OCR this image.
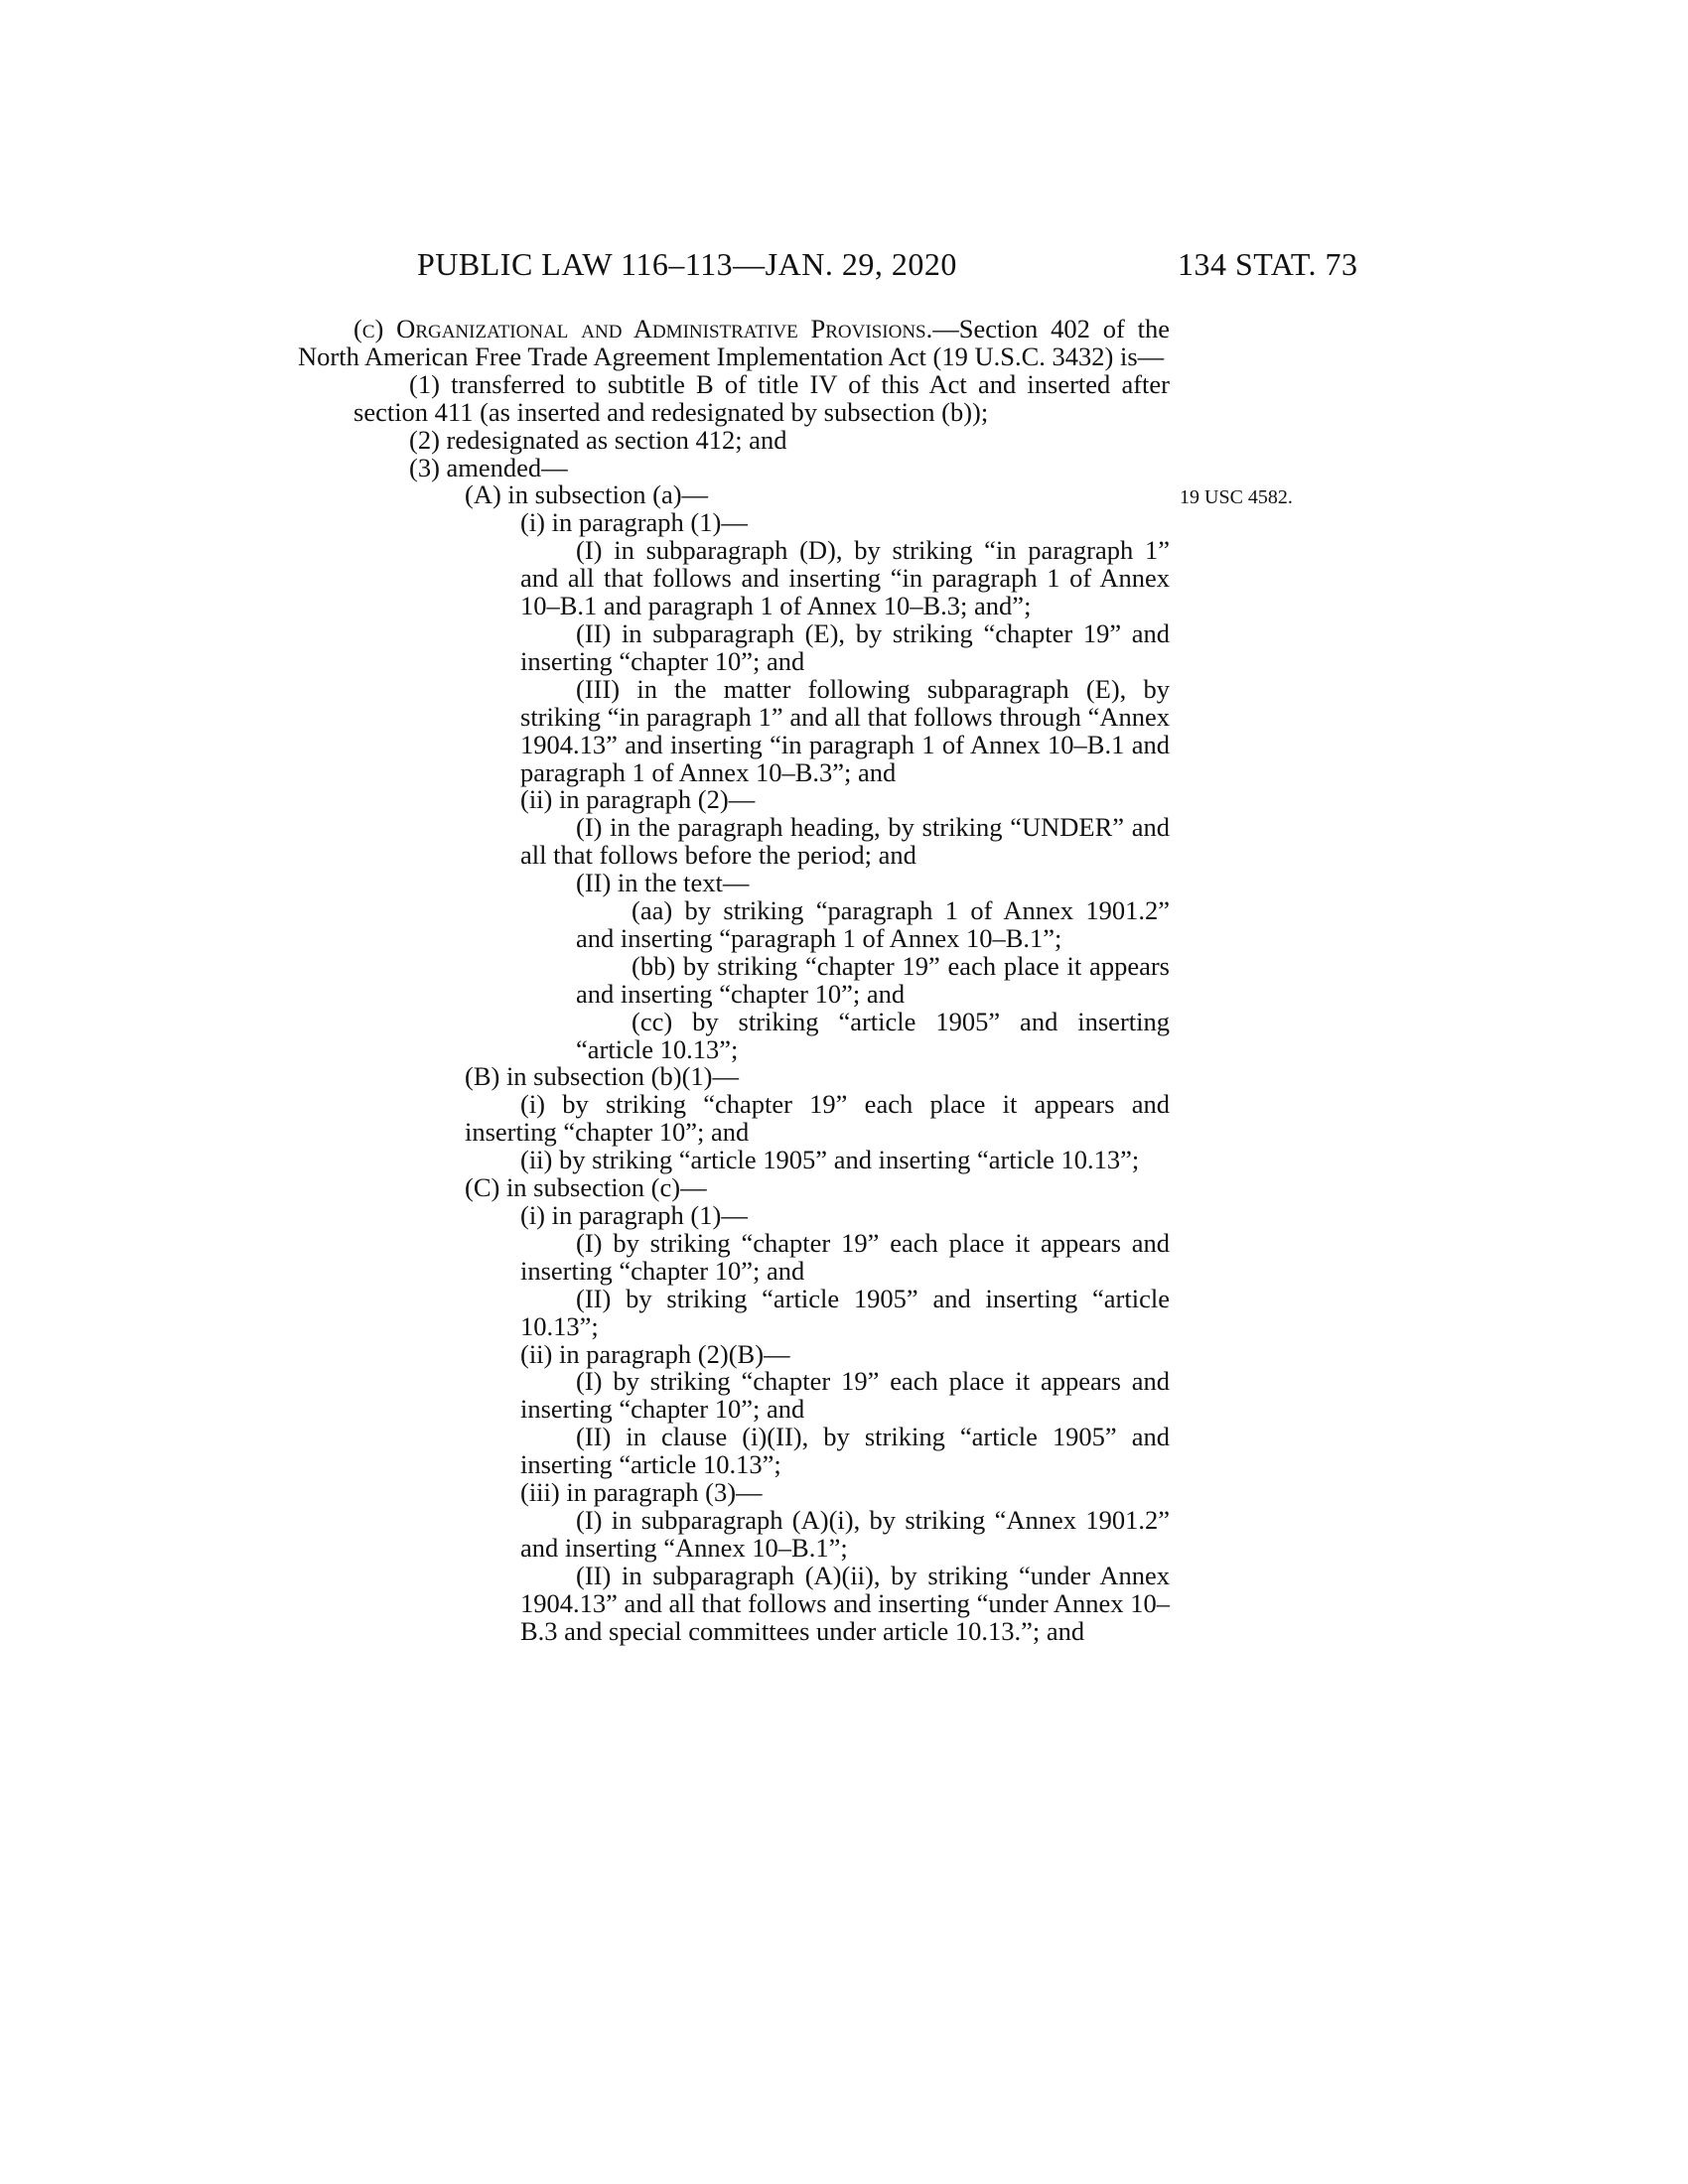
PUBLIC LAW 116–113—JAN. 29, 2020	134 STAT. 73
19 USC 4582.

(c) Organizational and Administrative Provisions.—Section 402 of the North American Free Trade Agreement Implementation Act (19 U.S.C. 3432) is—

(1) transferred to subtitle B of title IV of this Act and inserted after section 411 (as inserted and redesignated by subsection (b));

(2) redesignated as section 412; and

(3) amended—

(A) in subsection (a)—

(i) in paragraph (1)—

(I) in subparagraph (D), by striking “in paragraph 1” and all that follows and inserting “in paragraph 1 of Annex 10–B.1 and paragraph 1 of Annex 10–B.3; and”;

(II) in subparagraph (E), by striking “chapter 19” and inserting “chapter 10”; and

(III) in the matter following subparagraph (E), by striking “in paragraph 1” and all that follows through “Annex 1904.13” and inserting “in paragraph 1 of Annex 10–B.1 and paragraph 1 of Annex 10–B.3”; and

(ii) in paragraph (2)—

(I) in the paragraph heading, by striking “UNDER” and all that follows before the period; and

(II) in the text—

(aa) by striking “paragraph 1 of Annex 1901.2” and inserting “paragraph 1 of Annex 10–B.1”;

(bb) by striking “chapter 19” each place it appears and inserting “chapter 10”; and

(cc) by striking “article 1905” and inserting “article 10.13”;

(B) in subsection (b)(1)—

(i) by striking “chapter 19” each place it appears and inserting “chapter 10”; and

(ii) by striking “article 1905” and inserting “article 10.13”;

(C) in subsection (c)—

(i) in paragraph (1)—

(I) by striking “chapter 19” each place it appears and inserting “chapter 10”; and

(II) by striking “article 1905” and inserting “article 10.13”;

(ii) in paragraph (2)(B)—

(I) by striking “chapter 19” each place it appears and inserting “chapter 10”; and

(II) in clause (i)(II), by striking “article 1905” and inserting “article 10.13”;

(iii) in paragraph (3)—

(I) in subparagraph (A)(i), by striking “Annex 1901.2” and inserting “Annex 10–B.1”;

(II) in subparagraph (A)(ii), by striking “under Annex 1904.13” and all that follows and inserting “under Annex 10–B.3 and special committees under article 10.13.”; and
